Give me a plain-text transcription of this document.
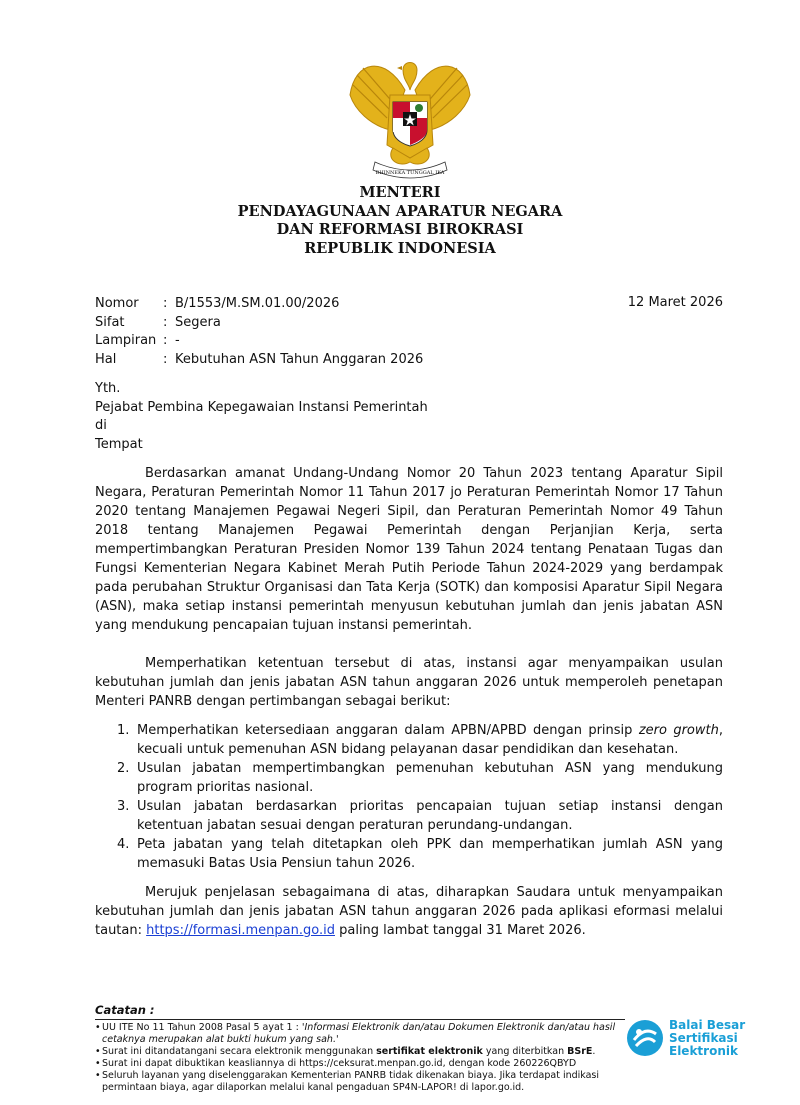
BHINNEKA TUNGGAL IKA
MENTERI
PENDAYAGUNAAN APARATUR NEGARA
DAN REFORMASI BIROKRASI
REPUBLIK INDONESIA
Nomor	: B/1553/M.SM.01.00/2026
Sifat	: Segera
Lampiran : -
Hal	: Kebutuhan ASN Tahun Anggaran 2026
12 Maret 2026
Yth.
Pejabat Pembina Kepegawaian Instansi Pemerintah
di
Tempat

Berdasarkan amanat Undang-Undang Nomor 20 Tahun 2023 tentang Aparatur Sipil Negara, Peraturan Pemerintah Nomor 11 Tahun 2017 jo Peraturan Pemerintah Nomor 17 Tahun 2020 tentang Manajemen Pegawai Negeri Sipil, dan Peraturan Pemerintah Nomor 49 Tahun 2018 tentang Manajemen Pegawai Pemerintah dengan Perjanjian Kerja, serta mempertimbangkan Peraturan Presiden Nomor 139 Tahun 2024 tentang Penataan Tugas dan Fungsi Kementerian Negara Kabinet Merah Putih Periode Tahun 2024-2029 yang berdampak pada perubahan Struktur Organisasi dan Tata Kerja (SOTK) dan komposisi Aparatur Sipil Negara (ASN), maka setiap instansi pemerintah menyusun kebutuhan jumlah dan jenis jabatan ASN yang mendukung pencapaian tujuan instansi pemerintah.

Memperhatikan ketentuan tersebut di atas, instansi agar menyampaikan usulan kebutuhan jumlah dan jenis jabatan ASN tahun anggaran 2026 untuk memperoleh penetapan Menteri PANRB dengan pertimbangan sebagai berikut:

1. Memperhatikan ketersediaan anggaran dalam APBN/APBD dengan prinsip zero growth, kecuali untuk pemenuhan ASN bidang pelayanan dasar pendidikan dan kesehatan.
2. Usulan jabatan mempertimbangkan pemenuhan kebutuhan ASN yang mendukung program prioritas nasional.
3. Usulan jabatan berdasarkan prioritas pencapaian tujuan setiap instansi dengan ketentuan jabatan sesuai dengan peraturan perundang-undangan.
4. Peta jabatan yang telah ditetapkan oleh PPK dan memperhatikan jumlah ASN yang memasuki Batas Usia Pensiun tahun 2026.

Merujuk penjelasan sebagaimana di atas, diharapkan Saudara untuk menyampaikan kebutuhan jumlah dan jenis jabatan ASN tahun anggaran 2026 pada aplikasi eformasi melalui tautan: https://formasi.menpan.go.id paling lambat tanggal 31 Maret 2026.

Catatan :
• UU ITE No 11 Tahun 2008 Pasal 5 ayat 1 : 'Informasi Elektronik dan/atau Dokumen Elektronik dan/atau hasil cetaknya merupakan alat bukti hukum yang sah.'
• Surat ini ditandatangani secara elektronik menggunakan sertifikat elektronik yang diterbitkan BSrE.
• Surat ini dapat dibuktikan keasliannya di https://ceksurat.menpan.go.id, dengan kode 260226QBYD
• Seluruh layanan yang diselenggarakan Kementerian PANRB tidak dikenakan biaya. Jika terdapat indikasi permintaan biaya, agar dilaporkan melalui kanal pengaduan SP4N-LAPOR! di lapor.go.id.
Balai Besar
Sertifikasi
Elektronik
